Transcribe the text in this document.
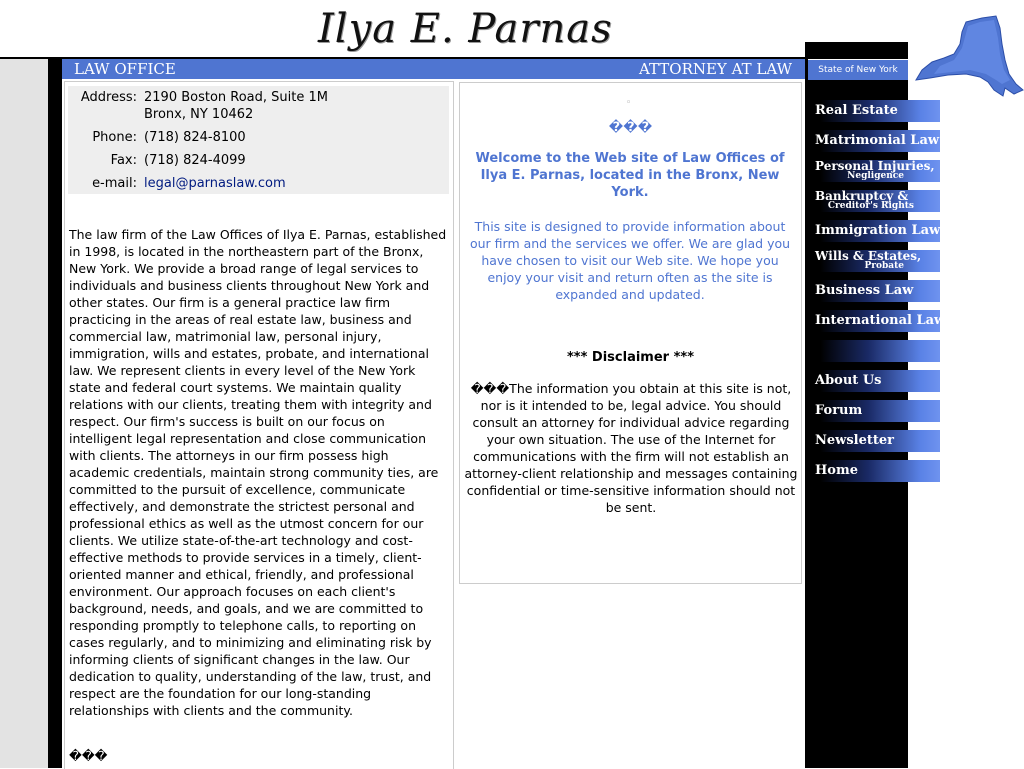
Ilya E. Parnas
LAW OFFICE	ATTORNEY AT LAW	State of New York
Real Estate
Matrimonial Law
Personal Injuries,
Negligence
Bankruptcy &
Creditor's Rights
Immigration Law
Wills & Estates,
Probate
Business Law
International Law
About Us
Forum
Newsletter
Home
Address: 2190 Boston Road, Suite 1M
Bronx, NY 10462
Phone: (718) 824-8100
Fax: (718) 824-4099
e-mail: legal@parnaslaw.com
The law firm of the Law Offices of Ilya E. Parnas, established in 1998, is located in the northeastern part of the Bronx, New York. We provide a broad range of legal services to individuals and business clients throughout New York and other states. Our firm is a general practice law firm practicing in the areas of real estate law, business and commercial law, matrimonial law, personal injury, immigration, wills and estates, probate, and international law. We represent clients in every level of the New York state and federal court systems. We maintain quality relations with our clients, treating them with integrity and respect. Our firm's success is built on our focus on intelligent legal representation and close communication with clients. The attorneys in our firm possess high academic credentials, maintain strong community ties, are committed to the pursuit of excellence, communicate effectively, and demonstrate the strictest personal and professional ethics as well as the utmost concern for our clients. We utilize state-of-the-art technology and cost-effective methods to provide services in a timely, client-oriented manner and ethical, friendly, and professional environment. Our approach focuses on each client's background, needs, and goals, and we are committed to responding promptly to telephone calls, to reporting on cases regularly, and to minimizing and eliminating risk by informing clients of significant changes in the law. Our dedication to quality, understanding of the law, trust, and respect are the foundation for our long-standing relationships with clients and the community.
���
◦
���
Welcome to the Web site of Law Offices of Ilya E. Parnas, located in the Bronx, New York.
This site is designed to provide information about our firm and the services we offer. We are glad you have chosen to visit our Web site. We hope you enjoy your visit and return often as the site is expanded and updated.
*** Disclaimer ***
���The information you obtain at this site is not, nor is it intended to be, legal advice. You should consult an attorney for individual advice regarding your own situation. The use of the Internet for communications with the firm will not establish an attorney-client relationship and messages containing confidential or time-sensitive information should not be sent.
